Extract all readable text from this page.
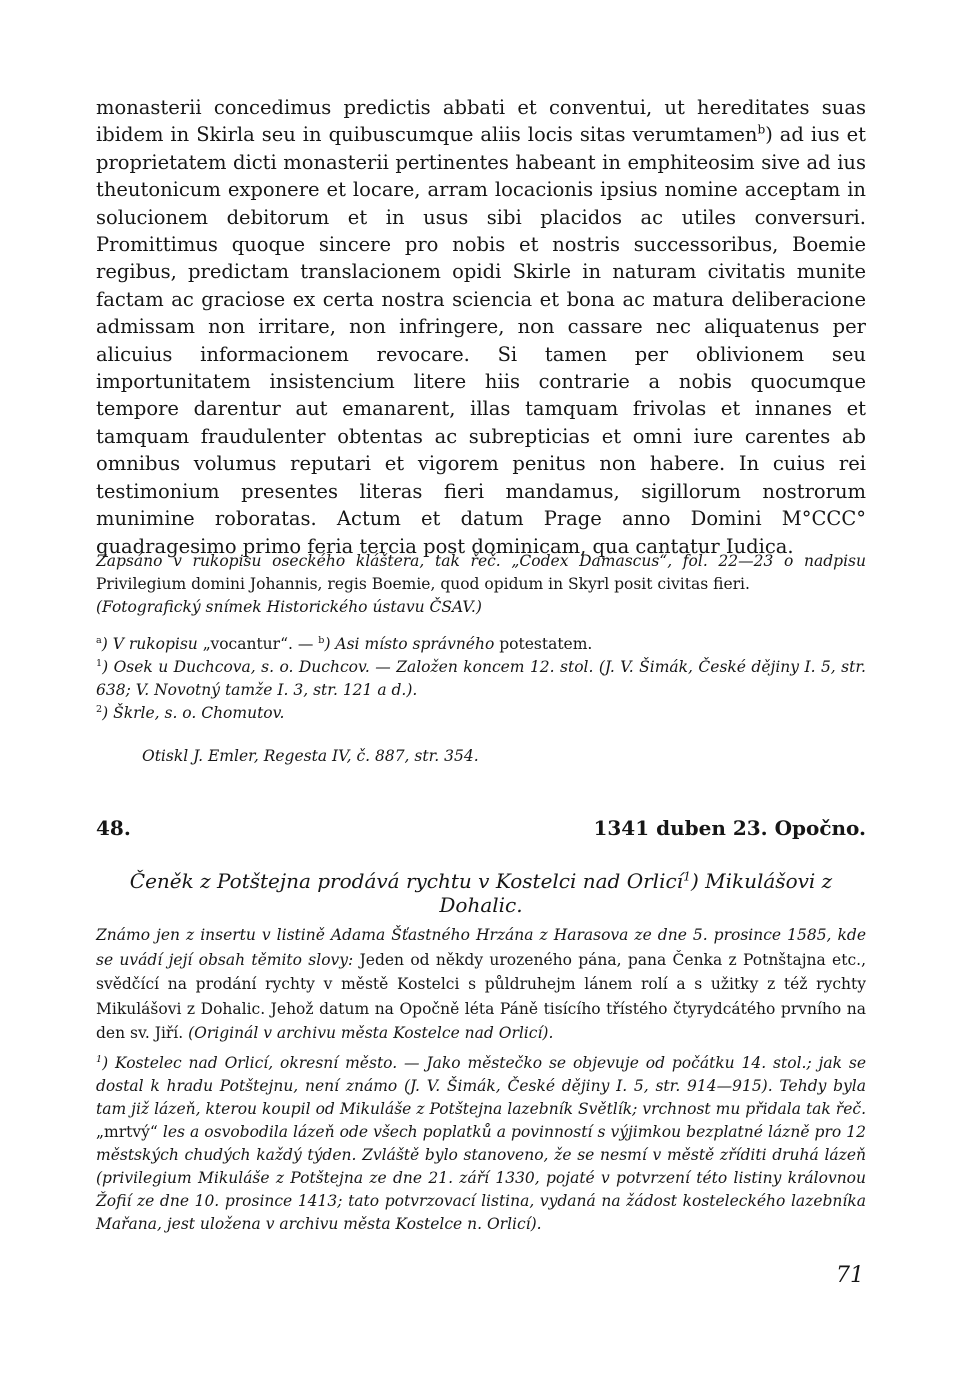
monasterii concedimus predictis abbati et conventui, ut hereditates suas ibidem in Skirla seu in quibuscumque aliis locis sitas verumtamen$^b$) ad ius et proprietatem dicti monasterii pertinentes habeant in emphiteosim sive ad ius theutonicum exponere et locare, arram locacionis ipsius nomine acceptam in solucionem debitorum et in usus sibi placidos ac utiles conversuri. Promittimus quoque sincere pro nobis et nostris successoribus, Boemie regibus, predictam translacionem opidi Skirle in naturam civitatis munite factam ac graciose ex certa nostra sciencia et bona ac matura deliberacione admissam non irritare, non infringere, non cassare nec aliquatenus per alicuius informacionem revocare. Si tamen per oblivionem seu importunitatem insistencium litere hiis contrarie a nobis quocumque tempore darentur aut emanarent, illas tamquam frivolas et innanes et tamquam fraudulenter obtentas ac subrepticias et omni iure carentes ab omnibus volumus reputari et vigorem penitus non habere. In cuius rei testimonium presentes literas fieri mandamus, sigillorum nostrorum munimine roboratas. Actum et datum Prage anno Domini M°CCC° quadragesimo primo feria tercia post dominicam, qua cantatur Iudica.

Zapsáno v rukopisu oseckého kláštera, tak řeč. „Codex Damascus“, fol. 22—23 o nadpisu Privilegium domini Johannis, regis Boemie, quod opidum in Skyrl posit civitas fieri.
(Fotografický snímek Historického ústavu ČSAV.)

$^a$) V rukopisu „vocantur“. — $^b$) Asi místo správného potestatem.

$^1$) Osek u Duchcova, s. o. Duchcov. — Založen koncem 12. stol. (J. V. Šimák, České dějiny I. 5, str. 638; V. Novotný tamže I. 3, str. 121 a d.).

$^2$) Škrle, s. o. Chomutov.

Otiskl J. Emler, Regesta IV, č. 887, str. 354.
48.	1341 duben 23. Opočno.
Čeněk z Potštejna prodává rychtu v Kostelci nad Orlicí$^1$) Mikulášovi z Dohalic.

Známo jen z insertu v listině Adama Šťastného Hrzána z Harasova ze dne 5. prosince 1585, kde se uvádí její obsah těmito slovy: Jeden od někdy urozeného pána, pana Čenka z Potnštajna etc., svědčící na prodání rychty v městě Kostelci s půldruhejm lánem rolí a s užitky z též rychty Mikulášovi z Dohalic. Jehož datum na Opočně léta Páně tisícího třístého čtyrydcátého prvního na den sv. Jiří. (Originál v archivu města Kostelce nad Orlicí).

$^1$) Kostelec nad Orlicí, okresní město. — Jako městečko se objevuje od počátku 14. stol.; jak se dostal k hradu Potštejnu, není známo (J. V. Šimák, České dějiny I. 5, str. 914—915). Tehdy byla tam již lázeň, kterou koupil od Mikuláše z Potštejna lazebník Světlík; vrchnost mu přidala tak řeč. „mrtvý“ les a osvobodila lázeň ode všech poplatků a povinností s výjimkou bezplatné lázně pro 12 městských chudých každý týden. Zvláště bylo stanoveno, že se nesmí v městě zříditi druhá lázeň (privilegium Mikuláše z Potštejna ze dne 21. září 1330, pojaté v potvrzení této listiny královnou Žofií ze dne 10. prosince 1413; tato potvrzovací listina, vydaná na žádost kosteleckého lazebníka Mařana, jest uložena v archivu města Kostelce n. Orlicí).

71
